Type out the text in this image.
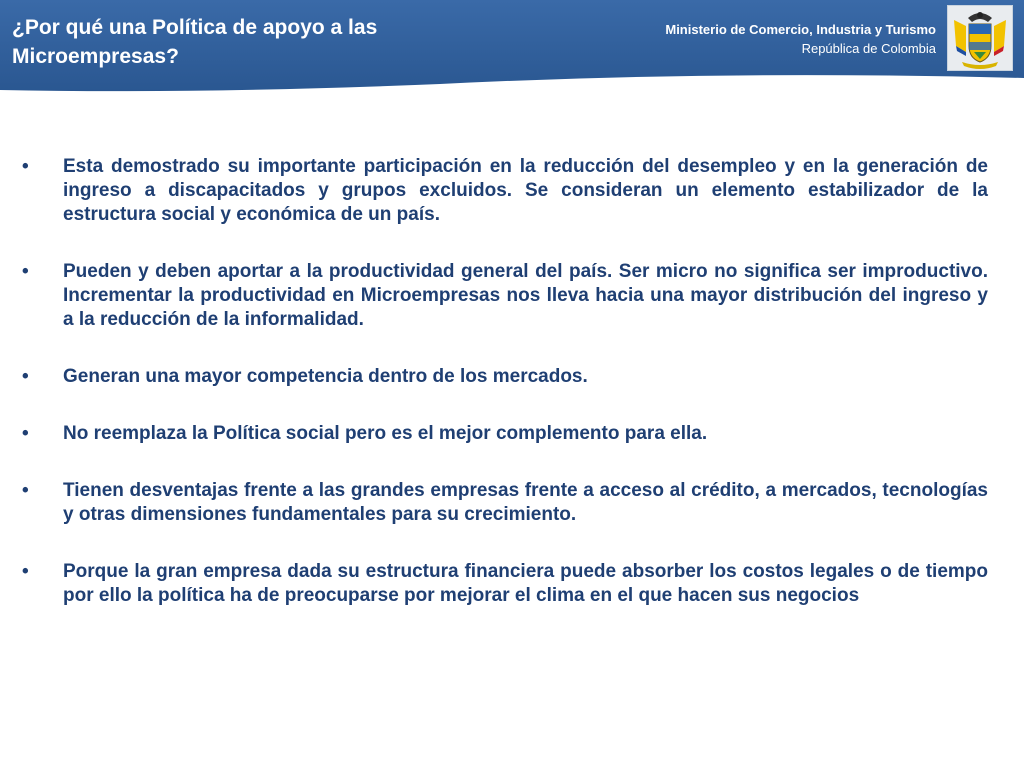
¿Por qué una Política de apoyo a las Microempresas?
Ministerio de Comercio, Industria y Turismo
República de Colombia
•	Esta demostrado su importante participación en la reducción del desempleo y en la generación de ingreso a discapacitados y grupos excluidos. Se consideran un elemento estabilizador de la estructura social y económica de un país.
•	Pueden y deben aportar a la productividad general del país. Ser micro no significa ser improductivo. Incrementar la productividad en Microempresas nos lleva hacia una mayor distribución del ingreso y a la reducción de la informalidad.
•	Generan una mayor competencia dentro de los mercados.
•	No reemplaza la Política social pero es el mejor complemento para ella.
•	Tienen desventajas frente a las grandes empresas frente a acceso al crédito, a mercados, tecnologías y otras dimensiones fundamentales para su crecimiento.
•	Porque la gran empresa dada su estructura financiera puede absorber los costos legales o de tiempo por ello la política ha de preocuparse por mejorar el clima en el que hacen sus negocios
